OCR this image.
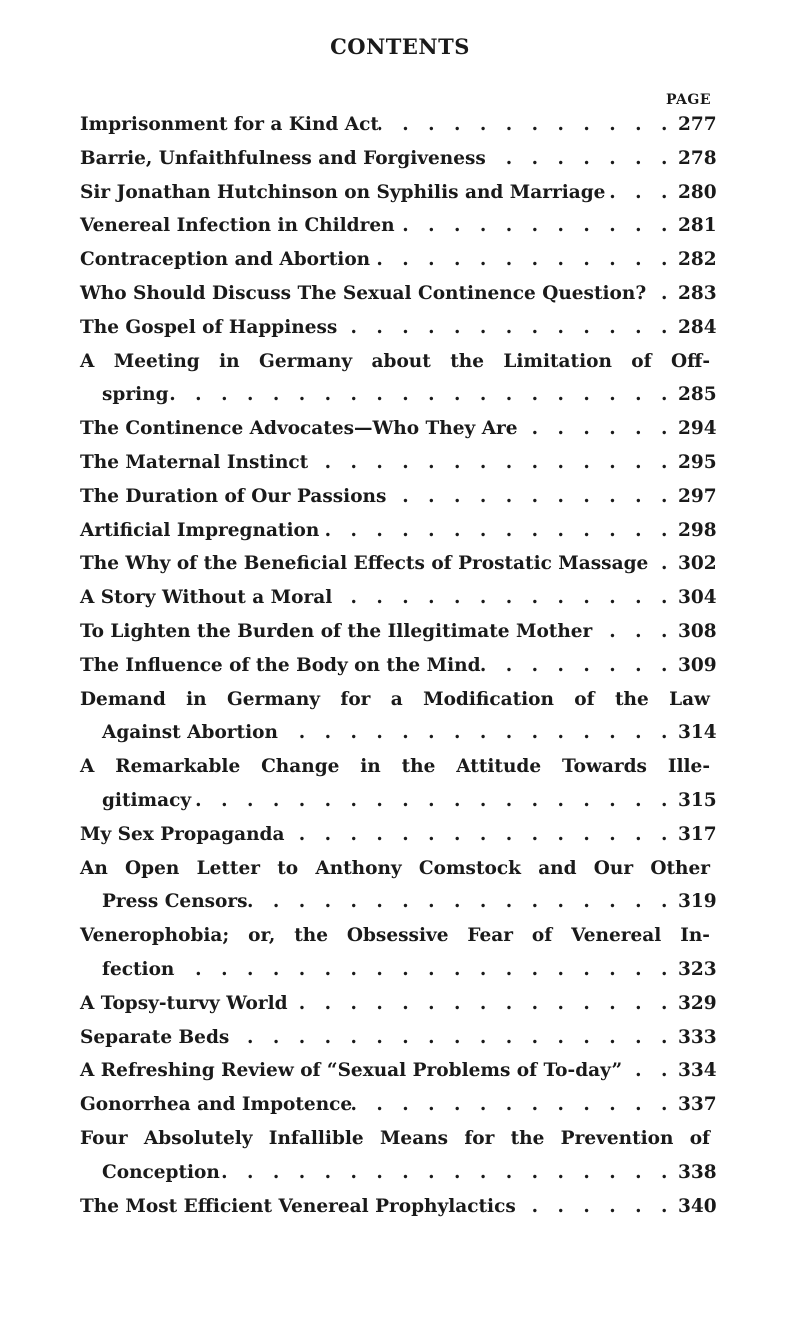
CONTENTS
PAGE
Imprisonment for a Kind Act . . .	277
Barrie, Unfaithfulness and Forgiveness . . .	278
Sir Jonathan Hutchinson on Syphilis and Marriage . . .	280
Venereal Infection in Children . . .	281
Contraception and Abortion . . .	282
Who Should Discuss The Sexual Continence Question? . . . 283
The Gospel of Happiness . . .	284
A Meeting in Germany about the Limitation of Off-
spring . . .	285
The Continence Advocates—Who They Are . . .	294
The Maternal Instinct . . .	295
The Duration of Our Passions . . .	297
Artificial Impregnation . . .	298
The Why of the Beneficial Effects of Prostatic Massage . . . 302
A Story Without a Moral . . .	304
To Lighten the Burden of the Illegitimate Mother . . .	308
The Influence of the Body on the Mind . . .	309
Demand in Germany for a Modification of the Law
Against Abortion . . .	314
A Remarkable Change in the Attitude Towards Ille-
gitimacy . . .	315
My Sex Propaganda . . .	317
An Open Letter to Anthony Comstock and Our Other
Press Censors . . .	319
Venerophobia; or, the Obsessive Fear of Venereal In-
fection . . .	323
A Topsy-turvy World . . .	329
Separate Beds . . .	333
A Refreshing Review of “Sexual Problems of To-day” . . .	334
Gonorrhea and Impotence . . .	337
Four Absolutely Infallible Means for the Prevention of
Conception . . .	338
The Most Efficient Venereal Prophylactics . . .	340
